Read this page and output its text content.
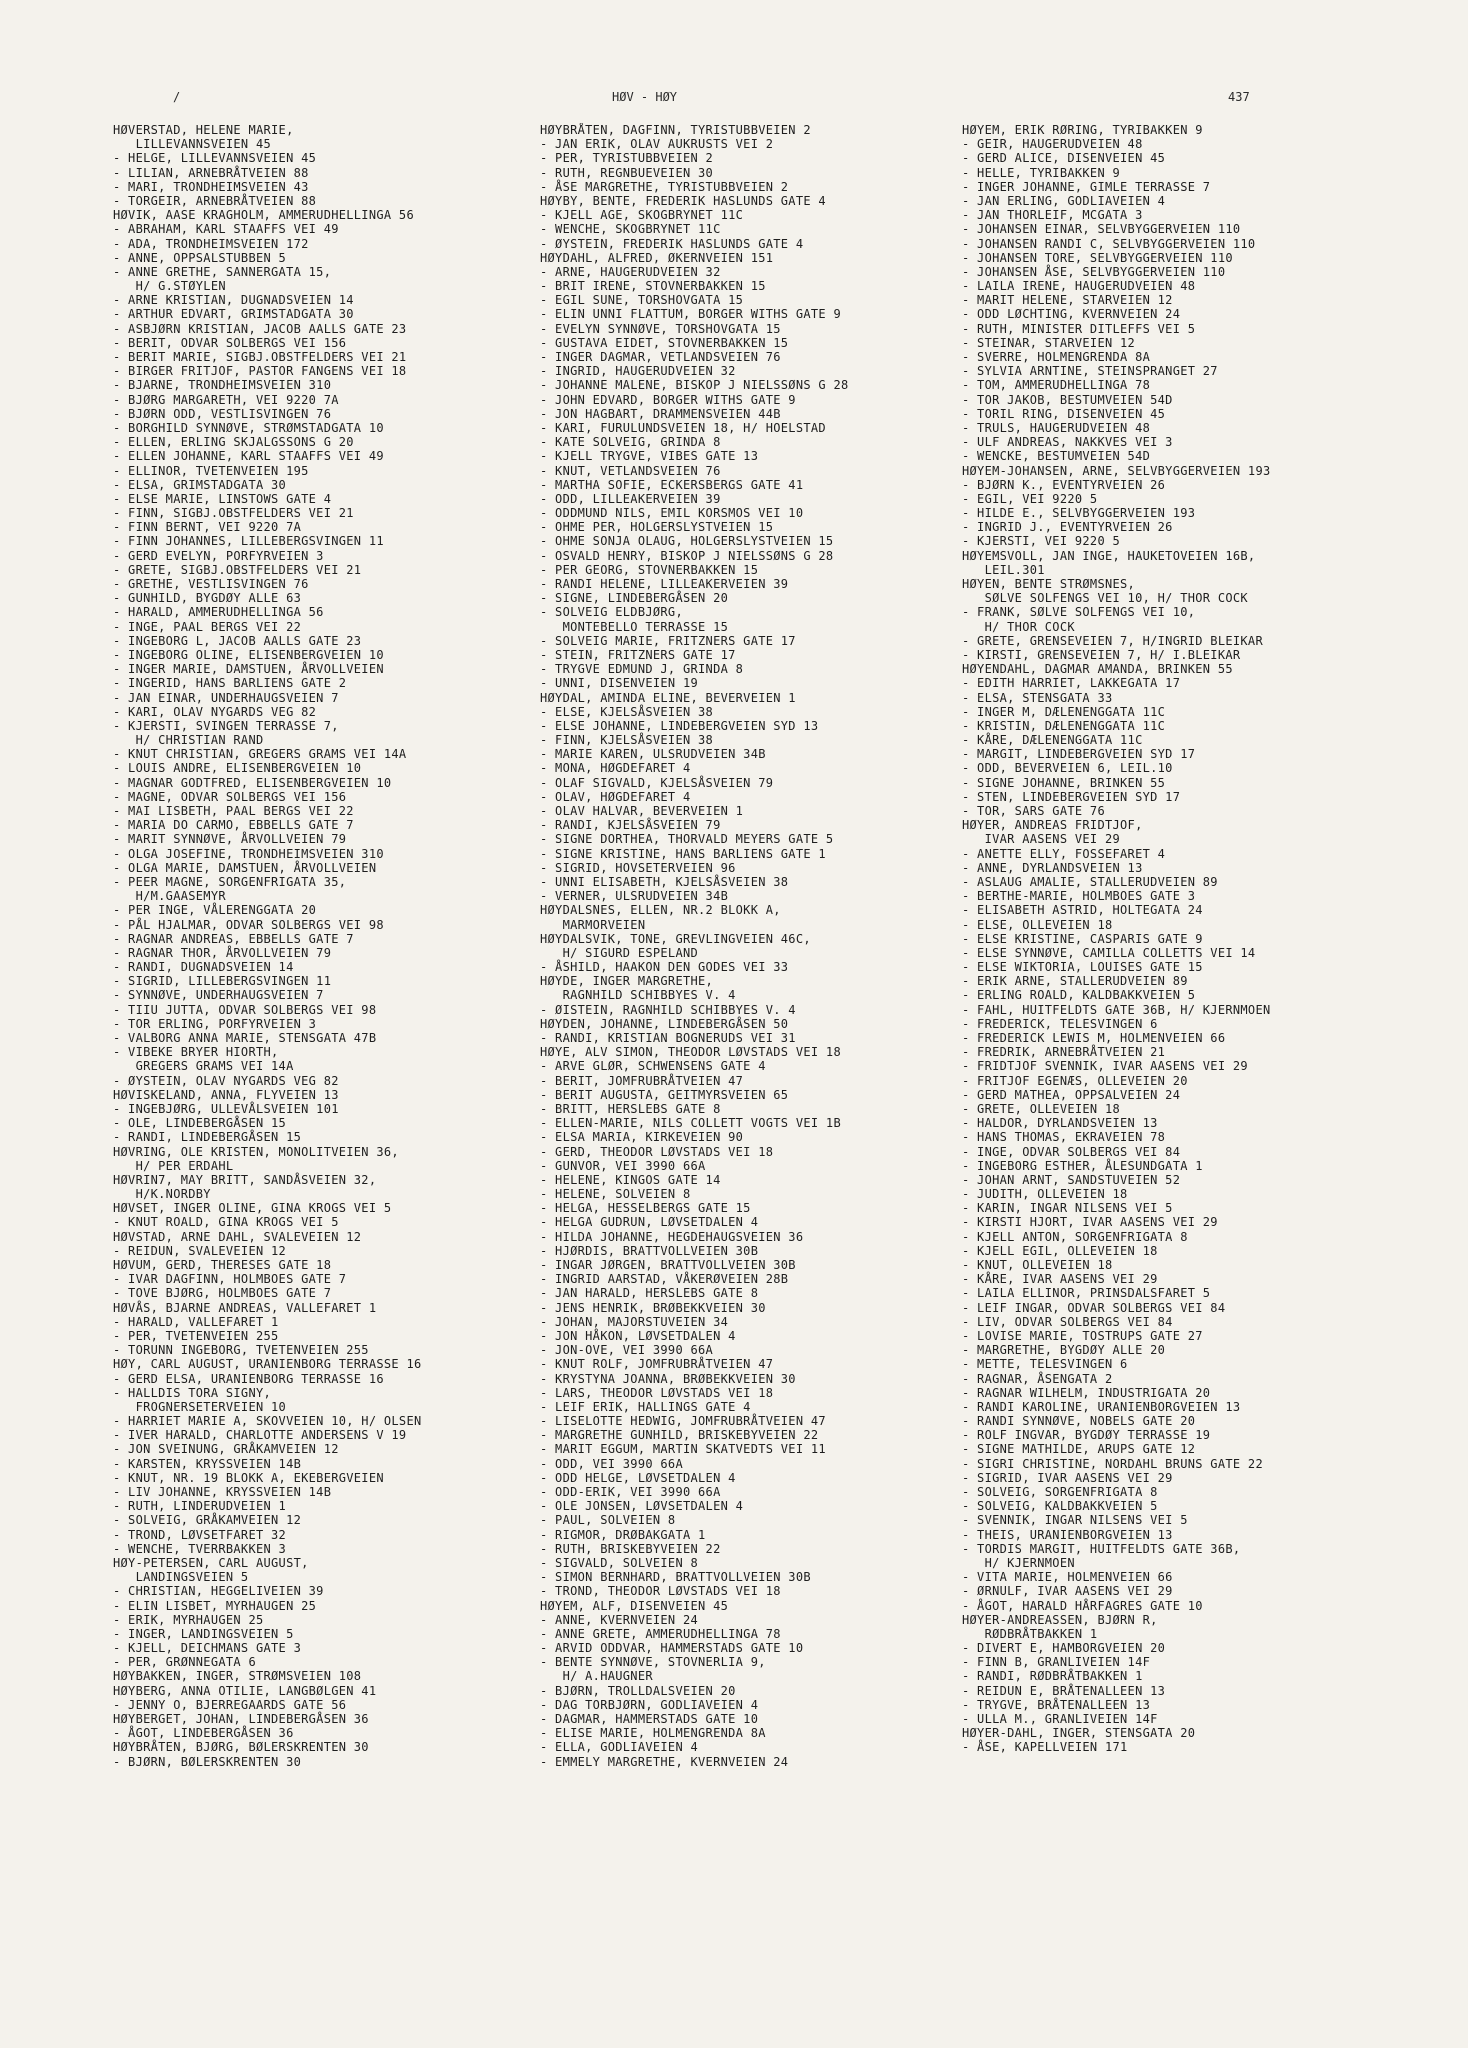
/	HØV - HØY	437
HØVERSTAD, HELENE MARIE,
LILLEVANNSVEIEN 45
- HELGE, LILLEVANNSVEIEN 45
- LILIAN, ARNEBRÅTVEIEN 88
- MARI, TRONDHEIMSVEIEN 43
- TORGEIR, ARNEBRÅTVEIEN 88
HØVIK, AASE KRAGHOLM, AMMERUDHELLINGA 56
- ABRAHAM, KARL STAAFFS VEI 49
- ADA, TRONDHEIMSVEIEN 172
- ANNE, OPPSALSTUBBEN 5
- ANNE GRETHE, SANNERGATA 15,
H/ G.STØYLEN
- ARNE KRISTIAN, DUGNADSVEIEN 14
- ARTHUR EDVART, GRIMSTADGATA 30
- ASBJØRN KRISTIAN, JACOB AALLS GATE 23
- BERIT, ODVAR SOLBERGS VEI 156
- BERIT MARIE, SIGBJ.OBSTFELDERS VEI 21
- BIRGER FRITJOF, PASTOR FANGENS VEI 18
- BJARNE, TRONDHEIMSVEIEN 310
- BJØRG MARGARETH, VEI 9220 7A
- BJØRN ODD, VESTLISVINGEN 76
- BORGHILD SYNNØVE, STRØMSTADGATA 10
- ELLEN, ERLING SKJALGSSONS G 20
- ELLEN JOHANNE, KARL STAAFFS VEI 49
- ELLINOR, TVETENVEIEN 195
- ELSA, GRIMSTADGATA 30
- ELSE MARIE, LINSTOWS GATE 4
- FINN, SIGBJ.OBSTFELDERS VEI 21
- FINN BERNT, VEI 9220 7A
- FINN JOHANNES, LILLEBERGSVINGEN 11
- GERD EVELYN, PORFYRVEIEN 3
- GRETE, SIGBJ.OBSTFELDERS VEI 21
- GRETHE, VESTLISVINGEN 76
- GUNHILD, BYGDØY ALLE 63
- HARALD, AMMERUDHELLINGA 56
- INGE, PAAL BERGS VEI 22
- INGEBORG L, JACOB AALLS GATE 23
- INGEBORG OLINE, ELISENBERGVEIEN 10
- INGER MARIE, DAMSTUEN, ÅRVOLLVEIEN
- INGERID, HANS BARLIENS GATE 2
- JAN EINAR, UNDERHAUGSVEIEN 7
- KARI, OLAV NYGARDS VEG 82
- KJERSTI, SVINGEN TERRASSE 7,
H/ CHRISTIAN RAND
- KNUT CHRISTIAN, GREGERS GRAMS VEI 14A
- LOUIS ANDRE, ELISENBERGVEIEN 10
- MAGNAR GODTFRED, ELISENBERGVEIEN 10
- MAGNE, ODVAR SOLBERGS VEI 156
- MAI LISBETH, PAAL BERGS VEI 22
- MARIA DO CARMO, EBBELLS GATE 7
- MARIT SYNNØVE, ÅRVOLLVEIEN 79
- OLGA JOSEFINE, TRONDHEIMSVEIEN 310
- OLGA MARIE, DAMSTUEN, ÅRVOLLVEIEN
- PEER MAGNE, SORGENFRIGATA 35,
H/M.GAASEMYR
- PER INGE, VÅLERENGGATA 20
- PÅL HJALMAR, ODVAR SOLBERGS VEI 98
- RAGNAR ANDREAS, EBBELLS GATE 7
- RAGNAR THOR, ÅRVOLLVEIEN 79
- RANDI, DUGNADSVEIEN 14
- SIGRID, LILLEBERGSVINGEN 11
- SYNNØVE, UNDERHAUGSVEIEN 7
- TIIU JUTTA, ODVAR SOLBERGS VEI 98
- TOR ERLING, PORFYRVEIEN 3
- VALBORG ANNA MARIE, STENSGATA 47B
- VIBEKE BRYER HIORTH,
GREGERS GRAMS VEI 14A
- ØYSTEIN, OLAV NYGARDS VEG 82
HØVISKELAND, ANNA, FLYVEIEN 13
- INGEBJØRG, ULLEVÅLSVEIEN 101
- OLE, LINDEBERGÅSEN 15
- RANDI, LINDEBERGÅSEN 15
HØVRING, OLE KRISTEN, MONOLITVEIEN 36,
H/ PER ERDAHL
HØVRIN7, MAY BRITT, SANDÅSVEIEN 32,
H/K.NORDBY
HØVSET, INGER OLINE, GINA KROGS VEI 5
- KNUT ROALD, GINA KROGS VEI 5
HØVSTAD, ARNE DAHL, SVALEVEIEN 12
- REIDUN, SVALEVEIEN 12
HØVUM, GERD, THERESES GATE 18
- IVAR DAGFINN, HOLMBOES GATE 7
- TOVE BJØRG, HOLMBOES GATE 7
HØVÅS, BJARNE ANDREAS, VALLEFARET 1
- HARALD, VALLEFARET 1
- PER, TVETENVEIEN 255
- TORUNN INGEBORG, TVETENVEIEN 255
HØY, CARL AUGUST, URANIENBORG TERRASSE 16
- GERD ELSA, URANIENBORG TERRASSE 16
- HALLDIS TORA SIGNY,
FROGNERSETERVEIEN 10
- HARRIET MARIE A, SKOVVEIEN 10, H/ OLSEN
- IVER HARALD, CHARLOTTE ANDERSENS V 19
- JON SVEINUNG, GRÅKAMVEIEN 12
- KARSTEN, KRYSSVEIEN 14B
- KNUT, NR. 19 BLOKK A, EKEBERGVEIEN
- LIV JOHANNE, KRYSSVEIEN 14B
- RUTH, LINDERUDVEIEN 1
- SOLVEIG, GRÅKAMVEIEN 12
- TROND, LØVSETFARET 32
- WENCHE, TVERRBAKKEN 3
HØY-PETERSEN, CARL AUGUST,
LANDINGSVEIEN 5
- CHRISTIAN, HEGGELIVEIEN 39
- ELIN LISBET, MYRHAUGEN 25
- ERIK, MYRHAUGEN 25
- INGER, LANDINGSVEIEN 5
- KJELL, DEICHMANS GATE 3
- PER, GRØNNEGATA 6
HØYBAKKEN, INGER, STRØMSVEIEN 108
HØYBERG, ANNA OTILIE, LANGBØLGEN 41
- JENNY O, BJERREGAARDS GATE 56
HØYBERGET, JOHAN, LINDEBERGÅSEN 36
- ÅGOT, LINDEBERGÅSEN 36
HØYBRÅTEN, BJØRG, BØLERSKRENTEN 30
- BJØRN, BØLERSKRENTEN 30
HØYBRÅTEN, DAGFINN, TYRISTUBBVEIEN 2
- JAN ERIK, OLAV AUKRUSTS VEI 2
- PER, TYRISTUBBVEIEN 2
- RUTH, REGNBUEVEIEN 30
- ÅSE MARGRETHE, TYRISTUBBVEIEN 2
HØYBY, BENTE, FREDERIK HASLUNDS GATE 4
- KJELL AGE, SKOGBRYNET 11C
- WENCHE, SKOGBRYNET 11C
- ØYSTEIN, FREDERIK HASLUNDS GATE 4
HØYDAHL, ALFRED, ØKERNVEIEN 151
- ARNE, HAUGERUDVEIEN 32
- BRIT IRENE, STOVNERBAKKEN 15
- EGIL SUNE, TORSHOVGATA 15
- ELIN UNNI FLATTUM, BORGER WITHS GATE 9
- EVELYN SYNNØVE, TORSHOVGATA 15
- GUSTAVA EIDET, STOVNERBAKKEN 15
- INGER DAGMAR, VETLANDSVEIEN 76
- INGRID, HAUGERUDVEIEN 32
- JOHANNE MALENE, BISKOP J NIELSSØNS G 28
- JOHN EDVARD, BORGER WITHS GATE 9
- JON HAGBART, DRAMMENSVEIEN 44B
- KARI, FURULUNDSVEIEN 18, H/ HOELSTAD
- KATE SOLVEIG, GRINDA 8
- KJELL TRYGVE, VIBES GATE 13
- KNUT, VETLANDSVEIEN 76
- MARTHA SOFIE, ECKERSBERGS GATE 41
- ODD, LILLEAKERVEIEN 39
- ODDMUND NILS, EMIL KORSMOS VEI 10
- OHME PER, HOLGERSLYSTVEIEN 15
- OHME SONJA OLAUG, HOLGERSLYSTVEIEN 15
- OSVALD HENRY, BISKOP J NIELSSØNS G 28
- PER GEORG, STOVNERBAKKEN 15
- RANDI HELENE, LILLEAKERVEIEN 39
- SIGNE, LINDEBERGÅSEN 20
- SOLVEIG ELDBJØRG,
MONTEBELLO TERRASSE 15
- SOLVEIG MARIE, FRITZNERS GATE 17
- STEIN, FRITZNERS GATE 17
- TRYGVE EDMUND J, GRINDA 8
- UNNI, DISENVEIEN 19
HØYDAL, AMINDA ELINE, BEVERVEIEN 1
- ELSE, KJELSÅSVEIEN 38
- ELSE JOHANNE, LINDEBERGVEIEN SYD 13
- FINN, KJELSÅSVEIEN 38
- MARIE KAREN, ULSRUDVEIEN 34B
- MONA, HØGDEFARET 4
- OLAF SIGVALD, KJELSÅSVEIEN 79
- OLAV, HØGDEFARET 4
- OLAV HALVAR, BEVERVEIEN 1
- RANDI, KJELSÅSVEIEN 79
- SIGNE DORTHEA, THORVALD MEYERS GATE 5
- SIGNE KRISTINE, HANS BARLIENS GATE 1
- SIGRID, HOVSETERVEIEN 96
- UNNI ELISABETH, KJELSÅSVEIEN 38
- VERNER, ULSRUDVEIEN 34B
HØYDALSNES, ELLEN, NR.2 BLOKK A,
MARMORVEIEN
HØYDALSVIK, TONE, GREVLINGVEIEN 46C,
H/ SIGURD ESPELAND
- ÅSHILD, HAAKON DEN GODES VEI 33
HØYDE, INGER MARGRETHE,
RAGNHILD SCHIBBYES V. 4
- ØISTEIN, RAGNHILD SCHIBBYES V. 4
HØYDEN, JOHANNE, LINDEBERGÅSEN 50
- RANDI, KRISTIAN BOGNERUDS VEI 31
HØYE, ALV SIMON, THEODOR LØVSTADS VEI 18
- ARVE GLØR, SCHWENSENS GATE 4
- BERIT, JOMFRUBRÅTVEIEN 47
- BERIT AUGUSTA, GEITMYRSVEIEN 65
- BRITT, HERSLEBS GATE 8
- ELLEN-MARIE, NILS COLLETT VOGTS VEI 1B
- ELSA MARIA, KIRKEVEIEN 90
- GERD, THEODOR LØVSTADS VEI 18
- GUNVOR, VEI 3990 66A
- HELENE, KINGOS GATE 14
- HELENE, SOLVEIEN 8
- HELGA, HESSELBERGS GATE 15
- HELGA GUDRUN, LØVSETDALEN 4
- HILDA JOHANNE, HEGDEHAUGSVEIEN 36
- HJØRDIS, BRATTVOLLVEIEN 30B
- INGAR JØRGEN, BRATTVOLLVEIEN 30B
- INGRID AARSTAD, VÅKERØVEIEN 28B
- JAN HARALD, HERSLEBS GATE 8
- JENS HENRIK, BRØBEKKVEIEN 30
- JOHAN, MAJORSTUVEIEN 34
- JON HÅKON, LØVSETDALEN 4
- JON-OVE, VEI 3990 66A
- KNUT ROLF, JOMFRUBRÅTVEIEN 47
- KRYSTYNA JOANNA, BRØBEKKVEIEN 30
- LARS, THEODOR LØVSTADS VEI 18
- LEIF ERIK, HALLINGS GATE 4
- LISELOTTE HEDWIG, JOMFRUBRÅTVEIEN 47
- MARGRETHE GUNHILD, BRISKEBYVEIEN 22
- MARIT EGGUM, MARTIN SKATVEDTS VEI 11
- ODD, VEI 3990 66A
- ODD HELGE, LØVSETDALEN 4
- ODD-ERIK, VEI 3990 66A
- OLE JONSEN, LØVSETDALEN 4
- PAUL, SOLVEIEN 8
- RIGMOR, DRØBAKGATA 1
- RUTH, BRISKEBYVEIEN 22
- SIGVALD, SOLVEIEN 8
- SIMON BERNHARD, BRATTVOLLVEIEN 30B
- TROND, THEODOR LØVSTADS VEI 18
HØYEM, ALF, DISENVEIEN 45
- ANNE, KVERNVEIEN 24
- ANNE GRETE, AMMERUDHELLINGA 78
- ARVID ODDVAR, HAMMERSTADS GATE 10
- BENTE SYNNØVE, STOVNERLIA 9,
H/ A.HAUGNER
- BJØRN, TROLLDALSVEIEN 20
- DAG TORBJØRN, GODLIAVEIEN 4
- DAGMAR, HAMMERSTADS GATE 10
- ELISE MARIE, HOLMENGRENDA 8A
- ELLA, GODLIAVEIEN 4
- EMMELY MARGRETHE, KVERNVEIEN 24
HØYEM, ERIK RØRING, TYRIBAKKEN 9
- GEIR, HAUGERUDVEIEN 48
- GERD ALICE, DISENVEIEN 45
- HELLE, TYRIBAKKEN 9
- INGER JOHANNE, GIMLE TERRASSE 7
- JAN ERLING, GODLIAVEIEN 4
- JAN THORLEIF, MCGATA 3
- JOHANSEN EINAR, SELVBYGGERVEIEN 110
- JOHANSEN RANDI C, SELVBYGGERVEIEN 110
- JOHANSEN TORE, SELVBYGGERVEIEN 110
- JOHANSEN ÅSE, SELVBYGGERVEIEN 110
- LAILA IRENE, HAUGERUDVEIEN 48
- MARIT HELENE, STARVEIEN 12
- ODD LØCHTING, KVERNVEIEN 24
- RUTH, MINISTER DITLEFFS VEI 5
- STEINAR, STARVEIEN 12
- SVERRE, HOLMENGRENDA 8A
- SYLVIA ARNTINE, STEINSPRANGET 27
- TOM, AMMERUDHELLINGA 78
- TOR JAKOB, BESTUMVEIEN 54D
- TORIL RING, DISENVEIEN 45
- TRULS, HAUGERUDVEIEN 48
- ULF ANDREAS, NAKKVES VEI 3
- WENCKE, BESTUMVEIEN 54D
HØYEM-JOHANSEN, ARNE, SELVBYGGERVEIEN 193
- BJØRN K., EVENTYRVEIEN 26
- EGIL, VEI 9220 5
- HILDE E., SELVBYGGERVEIEN 193
- INGRID J., EVENTYRVEIEN 26
- KJERSTI, VEI 9220 5
HØYEMSVOLL, JAN INGE, HAUKETOVEIEN 16B,
LEIL.301
HØYEN, BENTE STRØMSNES,
SØLVE SOLFENGS VEI 10, H/ THOR COCK
- FRANK, SØLVE SOLFENGS VEI 10,
H/ THOR COCK
- GRETE, GRENSEVEIEN 7, H/INGRID BLEIKAR
- KIRSTI, GRENSEVEIEN 7, H/ I.BLEIKAR
HØYENDAHL, DAGMAR AMANDA, BRINKEN 55
- EDITH HARRIET, LAKKEGATA 17
- ELSA, STENSGATA 33
- INGER M, DÆLENENGGATA 11C
- KRISTIN, DÆLENENGGATA 11C
- KÅRE, DÆLENENGGATA 11C
- MARGIT, LINDEBERGVEIEN SYD 17
- ODD, BEVERVEIEN 6, LEIL.10
- SIGNE JOHANNE, BRINKEN 55
- STEN, LINDEBERGVEIEN SYD 17
- TOR, SARS GATE 76
HØYER, ANDREAS FRIDTJOF,
IVAR AASENS VEI 29
- ANETTE ELLY, FOSSEFARET 4
- ANNE, DYRLANDSVEIEN 13
- ASLAUG AMALIE, STALLERUDVEIEN 89
- BERTHE-MARIE, HOLMBOES GATE 3
- ELISABETH ASTRID, HOLTEGATA 24
- ELSE, OLLEVEIEN 18
- ELSE KRISTINE, CASPARIS GATE 9
- ELSE SYNNØVE, CAMILLA COLLETTS VEI 14
- ELSE WIKTORIA, LOUISES GATE 15
- ERIK ARNE, STALLERUDVEIEN 89
- ERLING ROALD, KALDBAKKVEIEN 5
- FAHL, HUITFELDTS GATE 36B, H/ KJERNMOEN
- FREDERICK, TELESVINGEN 6
- FREDERICK LEWIS M, HOLMENVEIEN 66
- FREDRIK, ARNEBRÅTVEIEN 21
- FRIDTJOF SVENNIK, IVAR AASENS VEI 29
- FRITJOF EGENÆS, OLLEVEIEN 20
- GERD MATHEA, OPPSALVEIEN 24
- GRETE, OLLEVEIEN 18
- HALDOR, DYRLANDSVEIEN 13
- HANS THOMAS, EKRAVEIEN 78
- INGE, ODVAR SOLBERGS VEI 84
- INGEBORG ESTHER, ÅLESUNDGATA 1
- JOHAN ARNT, SANDSTUVEIEN 52
- JUDITH, OLLEVEIEN 18
- KARIN, INGAR NILSENS VEI 5
- KIRSTI HJORT, IVAR AASENS VEI 29
- KJELL ANTON, SORGENFRIGATA 8
- KJELL EGIL, OLLEVEIEN 18
- KNUT, OLLEVEIEN 18
- KÅRE, IVAR AASENS VEI 29
- LAILA ELLINOR, PRINSDALSFARET 5
- LEIF INGAR, ODVAR SOLBERGS VEI 84
- LIV, ODVAR SOLBERGS VEI 84
- LOVISE MARIE, TOSTRUPS GATE 27
- MARGRETHE, BYGDØY ALLE 20
- METTE, TELESVINGEN 6
- RAGNAR, ÅSENGATA 2
- RAGNAR WILHELM, INDUSTRIGATA 20
- RANDI KAROLINE, URANIENBORGVEIEN 13
- RANDI SYNNØVE, NOBELS GATE 20
- ROLF INGVAR, BYGDØY TERRASSE 19
- SIGNE MATHILDE, ARUPS GATE 12
- SIGRI CHRISTINE, NORDAHL BRUNS GATE 22
- SIGRID, IVAR AASENS VEI 29
- SOLVEIG, SORGENFRIGATA 8
- SOLVEIG, KALDBAKKVEIEN 5
- SVENNIK, INGAR NILSENS VEI 5
- THEIS, URANIENBORGVEIEN 13
- TORDIS MARGIT, HUITFELDTS GATE 36B,
H/ KJERNMOEN
- VITA MARIE, HOLMENVEIEN 66
- ØRNULF, IVAR AASENS VEI 29
- ÅGOT, HARALD HÅRFAGRES GATE 10
HØYER-ANDREASSEN, BJØRN R,
RØDBRÅTBAKKEN 1
- DIVERT E, HAMBORGVEIEN 20
- FINN B, GRANLIVEIEN 14F
- RANDI, RØDBRÅTBAKKEN 1
- REIDUN E, BRÅTENALLEEN 13
- TRYGVE, BRÅTENALLEEN 13
- ULLA M., GRANLIVEIEN 14F
HØYER-DAHL, INGER, STENSGATA 20
- ÅSE, KAPELLVEIEN 171
